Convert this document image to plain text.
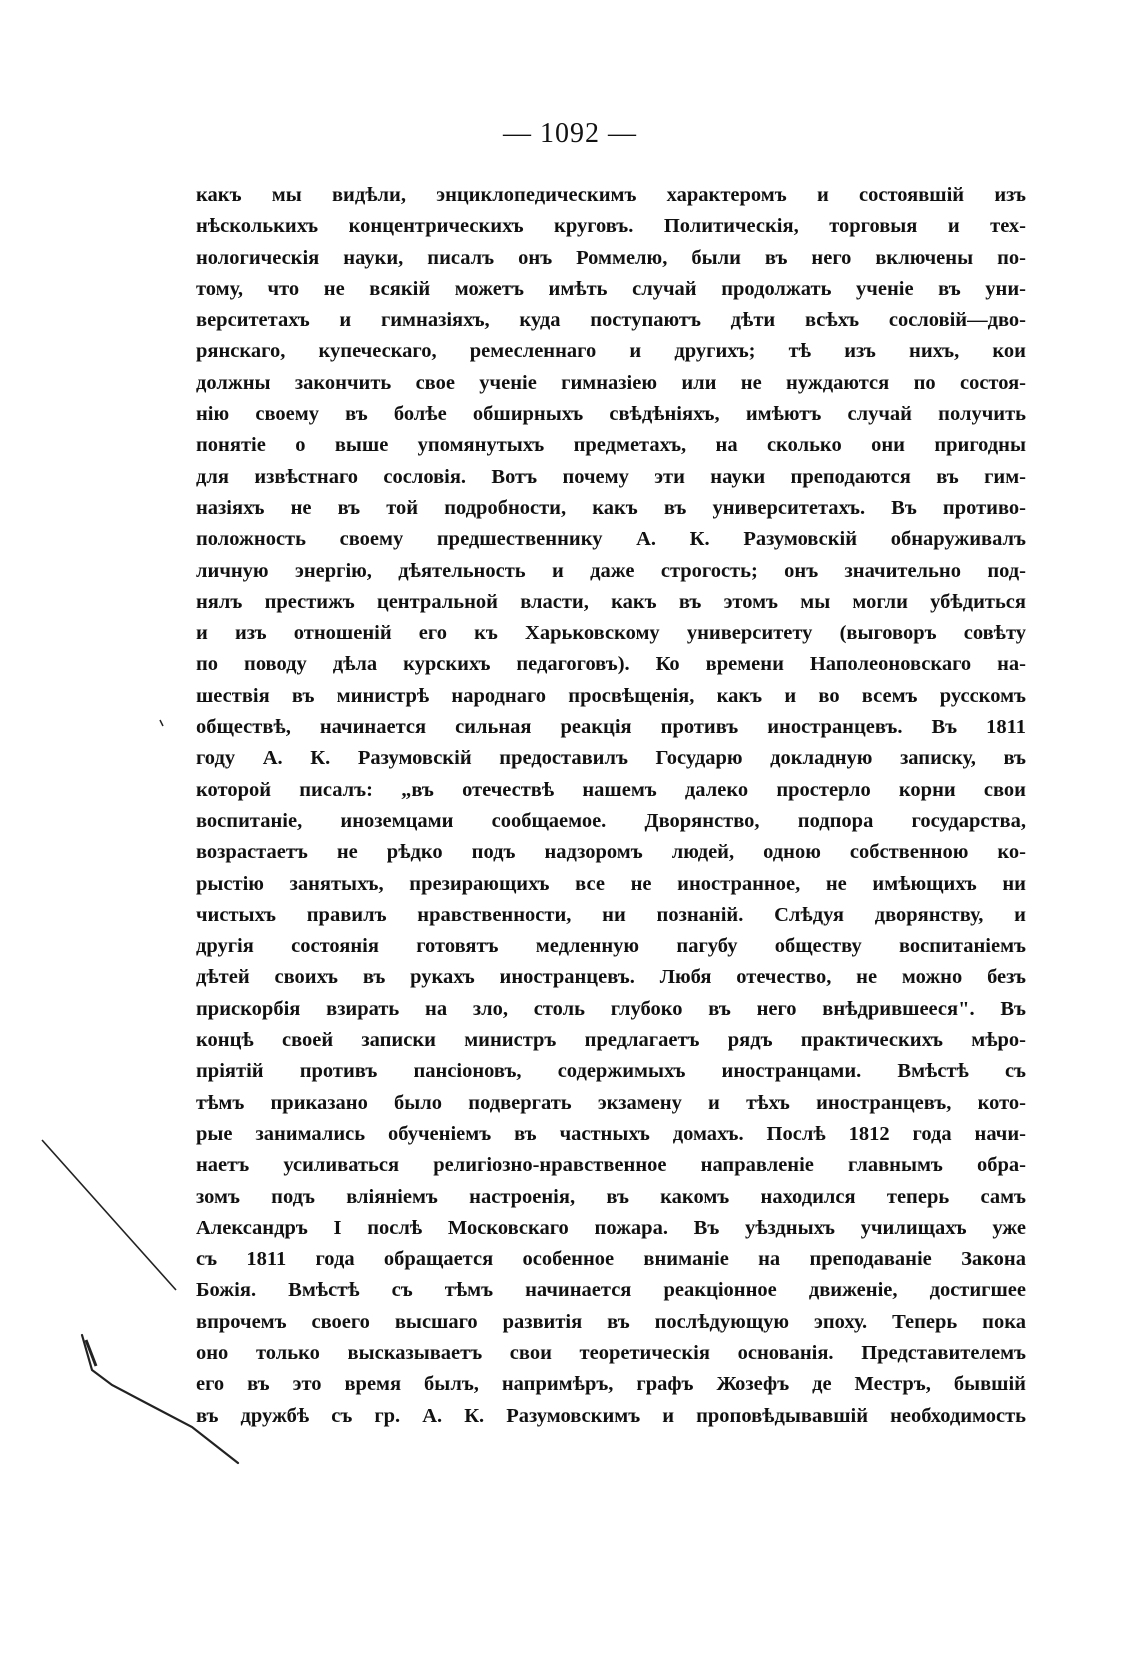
— 1092 —
какъ мы видѣли, энциклопедическимъ характеромъ и состоявшій изъ
нѣсколькихъ концентрическихъ круговъ. Политическія, торговыя и тех-
нологическія науки, писалъ онъ Роммелю, были въ него включены по-
тому, что не всякій можетъ имѣть случай продолжать ученіе въ уни-
верситетахъ и гимназіяхъ, куда поступаютъ дѣти всѣхъ сословій—дво-
рянскаго, купеческаго, ремесленнаго и другихъ; тѣ изъ нихъ, кои
должны закончить свое ученіе гимназіею или не нуждаются по состоя-
нію своему въ болѣе обширныхъ свѣдѣніяхъ, имѣютъ случай получить
понятіе о выше упомянутыхъ предметахъ, на сколько они пригодны
для извѣстнаго сословія. Вотъ почему эти науки преподаются въ гим-
назіяхъ не въ той подробности, какъ въ университетахъ. Въ противо-
положность своему предшественнику А. К. Разумовскій обнаруживалъ
личную энергію, дѣятельность и даже строгость; онъ значительно под-
нялъ престижъ центральной власти, какъ въ этомъ мы могли убѣдиться
и изъ отношеній его къ Харьковскому университету (выговоръ совѣту
по поводу дѣла курскихъ педагоговъ). Ко времени Наполеоновскаго на-
шествія въ министрѣ народнаго просвѣщенія, какъ и во всемъ русскомъ
обществѣ, начинается сильная реакція противъ иностранцевъ. Въ 1811
году А. К. Разумовскій предоставилъ Государю докладную записку, въ
которой писалъ: „въ отечествѣ нашемъ далеко простерло корни свои
воспитаніе, иноземцами сообщаемое. Дворянство, подпора государства,
возрастаетъ не рѣдко подъ надзоромъ людей, одною собственною ко-
рыстію занятыхъ, презирающихъ все не иностранное, не имѣющихъ ни
чистыхъ правилъ нравственности, ни познаній. Слѣдуя дворянству, и
другія состоянія готовятъ медленную пагубу обществу воспитаніемъ
дѣтей своихъ въ рукахъ иностранцевъ. Любя отечество, не можно безъ
прискорбія взирать на зло, столь глубоко въ него внѣдрившееся". Въ
концѣ своей записки министръ предлагаетъ рядъ практическихъ мѣро-
пріятій противъ пансіоновъ, содержимыхъ иностранцами. Вмѣстѣ съ
тѣмъ приказано было подвергать экзамену и тѣхъ иностранцевъ, кото-
рые занимались обученіемъ въ частныхъ домахъ. Послѣ 1812 года начи-
наетъ усиливаться религіозно-нравственное направленіе главнымъ обра-
зомъ подъ вліяніемъ настроенія, въ какомъ находился теперь самъ
Александръ I послѣ Московскаго пожара. Въ уѣздныхъ училищахъ уже
съ 1811 года обращается особенное вниманіе на преподаваніе Закона
Божія. Вмѣстѣ съ тѣмъ начинается реакціонное движеніе, достигшее
впрочемъ своего высшаго развитія въ послѣдующую эпоху. Теперь пока
оно только высказываетъ свои теоретическія основанія. Представителемъ
его въ это время былъ, напримѣръ, графъ Жозефъ де Местръ, бывшій
въ дружбѣ съ гр. А. К. Разумовскимъ и проповѣдывавшій необходимость
